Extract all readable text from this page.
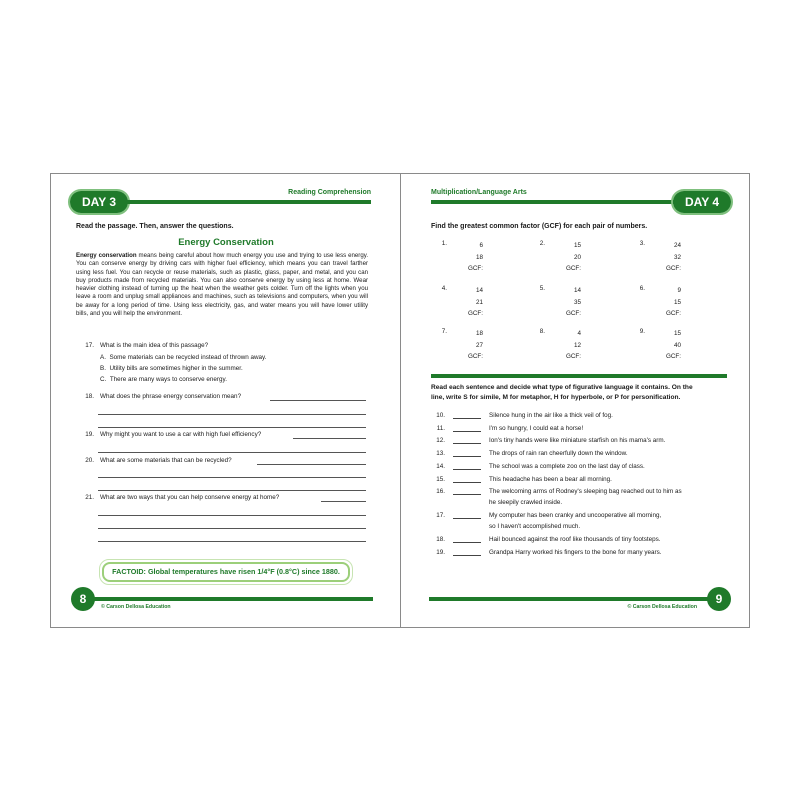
DAY 3
Reading Comprehension
Read the passage. Then, answer the questions.
Energy Conservation
Energy conservation means being careful about how much energy you use and trying to use less energy. You can conserve energy by driving cars with higher fuel efficiency, which means you can travel farther using less fuel. You can recycle or reuse materials, such as plastic, glass, paper, and metal, and you can buy products made from recycled materials. You can also conserve energy by using less at home. Wear heavier clothing instead of turning up the heat when the weather gets colder. Turn off the lights when you leave a room and unplug small appliances and machines, such as televisions and computers, when you will be away for a long period of time. Using less electricity, gas, and water means you will have lower utility bills, and you will help the environment.
17. What is the main idea of this passage?
A. Some materials can be recycled instead of thrown away.
B. Utility bills are sometimes higher in the summer.
C. There are many ways to conserve energy.
18. What does the phrase energy conservation mean?
19. Why might you want to use a car with high fuel efficiency?
20. What are some materials that can be recycled?
21. What are two ways that you can help conserve energy at home?
FACTOID: Global temperatures have risen 1/4°F (0.8°C) since 1880.
8
© Carson Dellosa Education
Multiplication/Language Arts
DAY 4
Find the greatest common factor (GCF) for each pair of numbers.
1.	6
18
GCF:
2.	15
20
GCF:
3.	24
32
GCF:
4.	14
21
GCF:
5.	14
35
GCF:
6.	9
15
GCF:
7.	18
27
GCF:
8.	4
12
GCF:
9.	15
40
GCF:
Read each sentence and decide what type of figurative language it contains. On the
line, write S for simile, M for metaphor, H for hyperbole, or P for personification.
10.	Silence hung in the air like a thick veil of fog.
11.	I'm so hungry, I could eat a horse!
12.	Ion's tiny hands were like miniature starfish on his mama's arm.
13.	The drops of rain ran cheerfully down the window.
14.	The school was a complete zoo on the last day of class.
15.	This headache has been a bear all morning.
16.	The welcoming arms of Rodney's sleeping bag reached out to him as
he sleepily crawled inside.
17.	My computer has been cranky and uncooperative all morning,
so I haven't accomplished much.
18.	Hail bounced against the roof like thousands of tiny footsteps.
19.	Grandpa Harry worked his fingers to the bone for many years.
9
© Carson Dellosa Education
